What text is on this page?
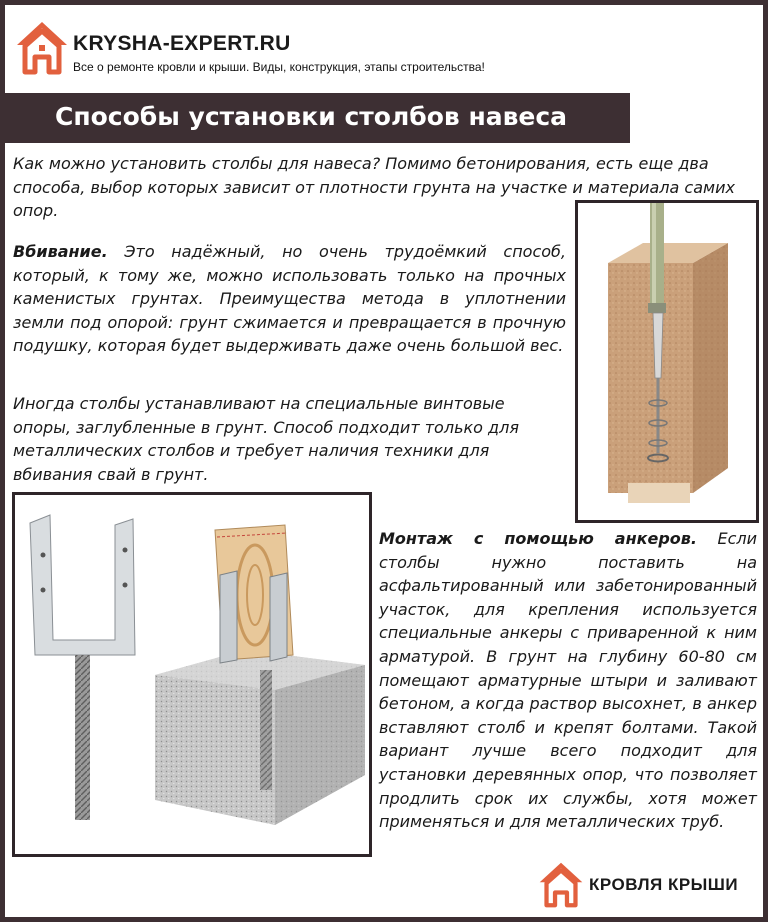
KRYSHA-EXPERT.RU
Все о ремонте кровли и крыши. Виды, конструкция, этапы строительства!
Способы установки столбов навеса
Как можно установить столбы для навеса? Помимо бетонирования, есть еще два способа, выбор которых зависит от плотности грунта на участке и материала самих опор.
Вбивание. Это надёжный, но очень трудоёмкий способ, который, к тому же, можно использовать только на прочных каменистых грунтах. Преимущества метода в уплотнении земли под опорой: грунт сжимается и превращается в прочную подушку, которая будет выдерживать даже очень большой вес.
Иногда столбы устанавливают на специальные винтовые опоры, заглубленные в грунт. Способ подходит только для металлических столбов и требует наличия техники для вбивания свай в грунт.
Монтаж с помощью анкеров. Если столбы нужно поставить на асфальтированный или забетонированный участок, для крепления используется специальные анкеры с приваренной к ним арматурой. В грунт на глубину 60-80 см помещают арматурные штыри и заливают бетоном, а когда раствор высохнет, в анкер вставляют столб и крепят болтами. Такой вариант лучше всего подходит для установки деревянных опор, что позволяет продлить срок их службы, хотя может применяться и для металлических труб.
КРОВЛЯ КРЫШИ
